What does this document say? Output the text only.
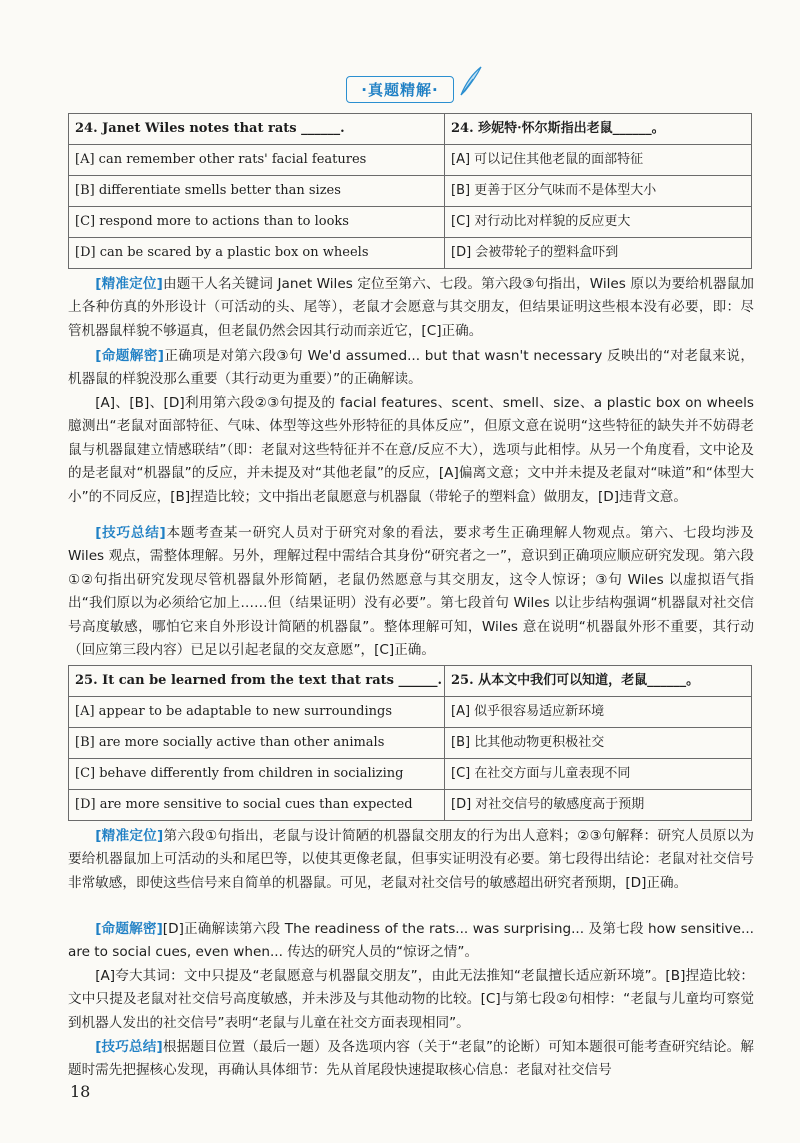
·真题精解·
24. Janet Wiles notes that rats ______.	24. 珍妮特·怀尔斯指出老鼠______。
[A] can remember other rats' facial features	[A] 可以记住其他老鼠的面部特征
[B] differentiate smells better than sizes	[B] 更善于区分气味而不是体型大小
[C] respond more to actions than to looks	[C] 对行动比对样貌的反应更大
[D] can be scared by a plastic box on wheels	[D] 会被带轮子的塑料盒吓到

[精准定位]由题干人名关键词 Janet Wiles 定位至第六、七段。第六段③句指出，Wiles 原以为要给机器鼠加上各种仿真的外形设计（可活动的头、尾等），老鼠才会愿意与其交朋友，但结果证明这些根本没有必要，即：尽管机器鼠样貌不够逼真，但老鼠仍然会因其行动而亲近它，[C]正确。

[命题解密]正确项是对第六段③句 We'd assumed... but that wasn't necessary 反映出的“对老鼠来说，机器鼠的样貌没那么重要（其行动更为重要）”的正确解读。

[A]、[B]、[D]利用第六段②③句提及的 facial features、scent、smell、size、a plastic box on wheels 臆测出“老鼠对面部特征、气味、体型等这些外形特征的具体反应”，但原文意在说明“这些特征的缺失并不妨碍老鼠与机器鼠建立情感联结”（即：老鼠对这些特征并不在意/反应不大），选项与此相悖。从另一个角度看，文中论及的是老鼠对“机器鼠”的反应，并未提及对“其他老鼠”的反应，[A]偏离文意；文中并未提及老鼠对“味道”和“体型大小”的不同反应，[B]捏造比较；文中指出老鼠愿意与机器鼠（带轮子的塑料盒）做朋友，[D]违背文意。

[技巧总结]本题考查某一研究人员对于研究对象的看法，要求考生正确理解人物观点。第六、七段均涉及 Wiles 观点，需整体理解。另外，理解过程中需结合其身份“研究者之一”，意识到正确项应顺应研究发现。第六段①②句指出研究发现尽管机器鼠外形简陋，老鼠仍然愿意与其交朋友，这令人惊讶；③句 Wiles 以虚拟语气指出“我们原以为必须给它加上……但（结果证明）没有必要”。第七段首句 Wiles 以让步结构强调“机器鼠对社交信号高度敏感，哪怕它来自外形设计简陋的机器鼠”。整体理解可知，Wiles 意在说明“机器鼠外形不重要，其行动（回应第三段内容）已足以引起老鼠的交友意愿”，[C]正确。

25. It can be learned from the text that rats ______.	25. 从本文中我们可以知道，老鼠______。
[A] appear to be adaptable to new surroundings	[A] 似乎很容易适应新环境
[B] are more socially active than other animals	[B] 比其他动物更积极社交
[C] behave differently from children in socializing	[C] 在社交方面与儿童表现不同
[D] are more sensitive to social cues than expected	[D] 对社交信号的敏感度高于预期

[精准定位]第六段①句指出，老鼠与设计简陋的机器鼠交朋友的行为出人意料；②③句解释：研究人员原以为要给机器鼠加上可活动的头和尾巴等，以使其更像老鼠，但事实证明没有必要。第七段得出结论：老鼠对社交信号非常敏感，即使这些信号来自简单的机器鼠。可见，老鼠对社交信号的敏感超出研究者预期，[D]正确。

[命题解密][D]正确解读第六段 The readiness of the rats... was surprising... 及第七段 how sensitive... are to social cues, even when... 传达的研究人员的“惊讶之情”。

[A]夸大其词：文中只提及“老鼠愿意与机器鼠交朋友”，由此无法推知“老鼠擅长适应新环境”。[B]捏造比较：文中只提及老鼠对社交信号高度敏感，并未涉及与其他动物的比较。[C]与第七段②句相悖：“老鼠与儿童均可察觉到机器人发出的社交信号”表明“老鼠与儿童在社交方面表现相同”。

[技巧总结]根据题目位置（最后一题）及各选项内容（关于“老鼠”的论断）可知本题很可能考查研究结论。解题时需先把握核心发现，再确认具体细节：先从首尾段快速提取核心信息：老鼠对社交信号

18
